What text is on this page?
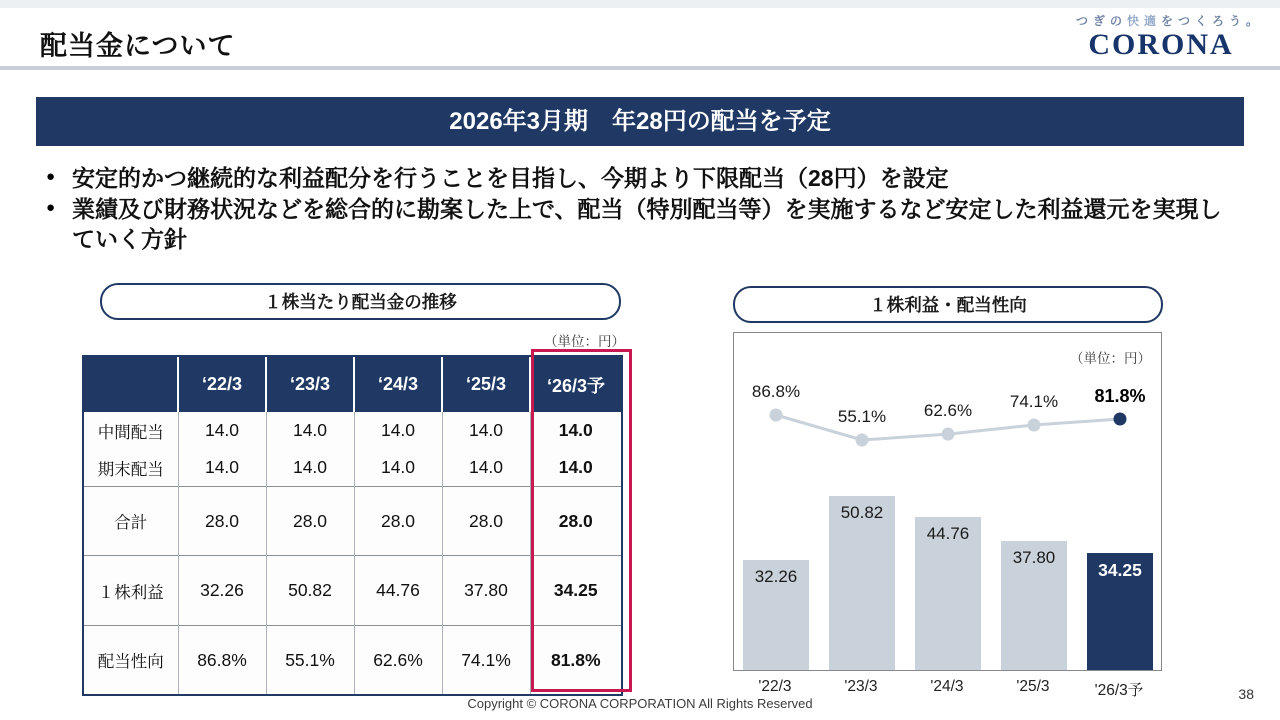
配当金について
つぎの快適をつくろう。
CORONA
2026年3月期　年28円の配当を予定
● 安定的かつ継続的な利益配分を行うことを目指し、今期より下限配当（28円）を設定
● 業績及び財務状況などを総合的に勘案した上で、配当（特別配当等）を実施するなど安定した利益還元を実現していく方針
１株当たり配当金の推移
（単位：円）
	‘22/3	‘23/3	‘24/3	‘25/3	‘26/3予
中間配当	14.0	14.0	14.0	14.0	14.0
期末配当	14.0	14.0	14.0	14.0	14.0
合計	28.0	28.0	28.0	28.0	28.0
１株利益	32.26	50.82	44.76	37.80	34.25
配当性向	86.8%	55.1%	62.6%	74.1%	81.8%
１株利益・配当性向
（単位：円）
32.26
50.82
44.76
37.80
34.25
86.8%
55.1%	62.6%	74.1%	81.8%
'22/3	'23/3	'24/3	'25/3	'26/3予
Copyright © CORONA CORPORATION All Rights Reserved
38
